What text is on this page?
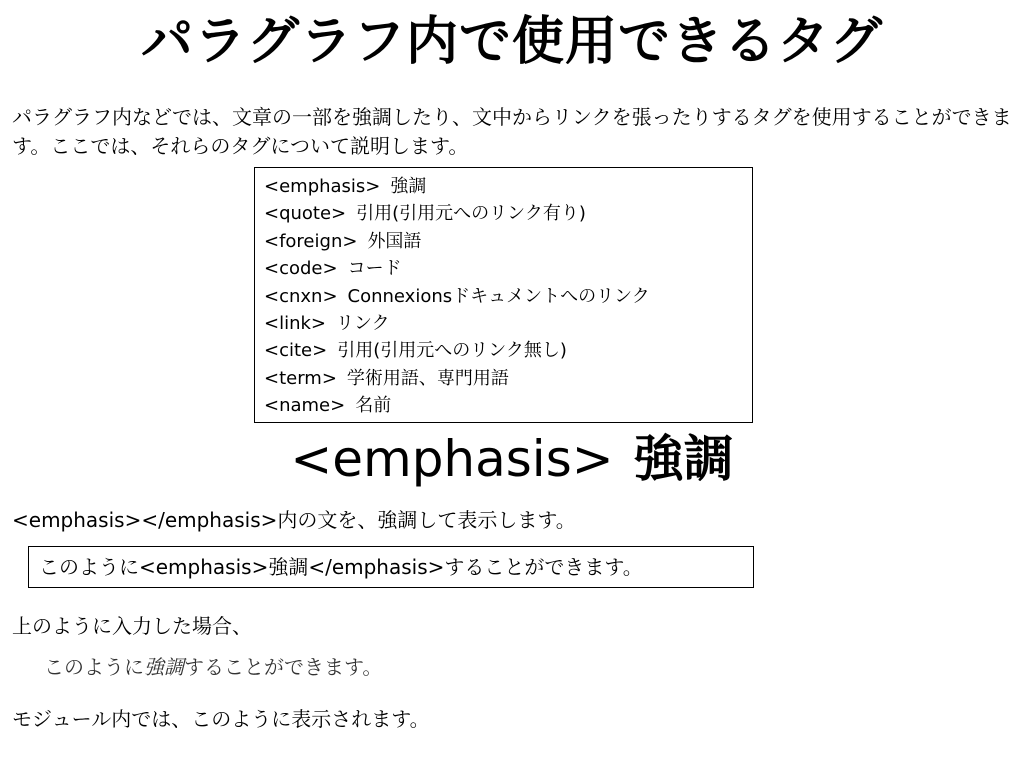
パラグラフ内で使用できるタグ
パラグラフ内などでは、文章の一部を強調したり、文中からリンクを張ったりするタグを使用することができます。ここでは、それらのタグについて説明します。
<emphasis> 強調
<quote> 引用(引用元へのリンク有り)
<foreign> 外国語
<code> コード
<cnxn> Connexionsドキュメントへのリンク
<link> リンク
<cite> 引用(引用元へのリンク無し)
<term> 学術用語、専門用語
<name> 名前
<emphasis> 強調
<emphasis></emphasis>内の文を、強調して表示します。
このように<emphasis>強調</emphasis>することができます。
上のように入力した場合、
このように強調することができます。
モジュール内では、このように表示されます。
